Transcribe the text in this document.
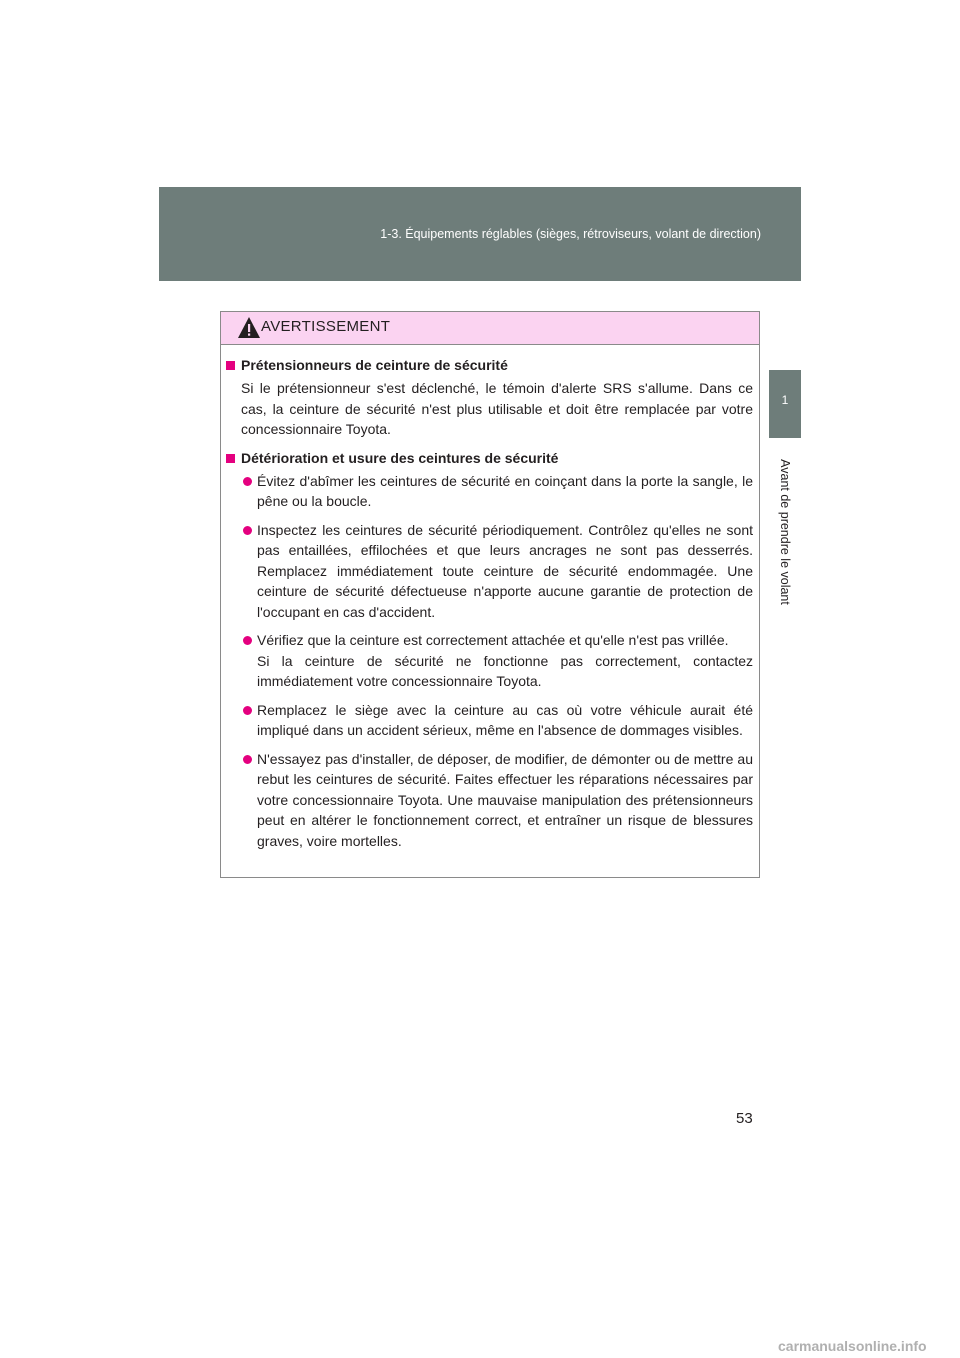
1-3. Équipements réglables (sièges, rétroviseurs, volant de direction)
1
Avant de prendre le volant
AVERTISSEMENT
Prétensionneurs de ceinture de sécurité

Si le prétensionneur s'est déclenché, le témoin d'alerte SRS s'allume. Dans ce cas, la ceinture de sécurité n'est plus utilisable et doit être remplacée par votre concessionnaire Toyota.

Détérioration et usure des ceintures de sécurité
Évitez d'abîmer les ceintures de sécurité en coinçant dans la porte la sangle, le pêne ou la boucle.
Inspectez les ceintures de sécurité périodiquement. Contrôlez qu'elles ne sont pas entaillées, effilochées et que leurs ancrages ne sont pas desserrés. Remplacez immédiatement toute ceinture de sécurité endommagée. Une ceinture de sécurité défectueuse n'apporte aucune garantie de protection de l'occupant en cas d'accident.
Vérifiez que la ceinture est correctement attachée et qu'elle n'est pas vrillée.
Si la ceinture de sécurité ne fonctionne pas correctement, contactez immédiatement votre concessionnaire Toyota.
Remplacez le siège avec la ceinture au cas où votre véhicule aurait été impliqué dans un accident sérieux, même en l'absence de dommages visibles.
N'essayez pas d'installer, de déposer, de modifier, de démonter ou de mettre au rebut les ceintures de sécurité. Faites effectuer les réparations nécessaires par votre concessionnaire Toyota. Une mauvaise manipulation des prétensionneurs peut en altérer le fonctionnement correct, et entraîner un risque de blessures graves, voire mortelles.
53
carmanualsonline.info
